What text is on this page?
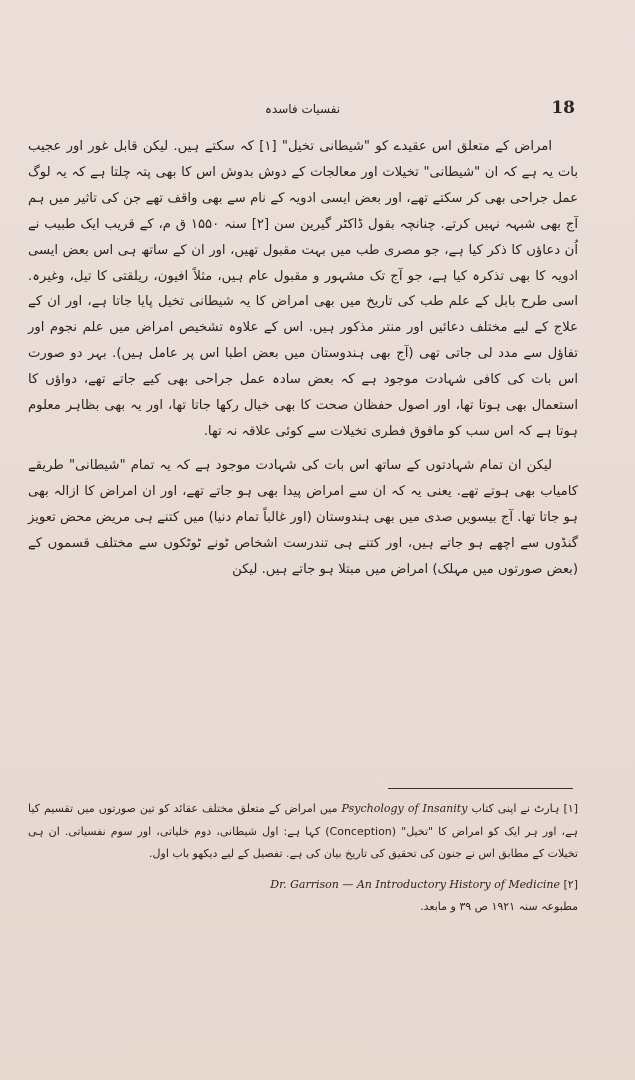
نفسیات فاسدہ	18

امراض کے متعلق اس عقیدے کو "شیطانی تخیل" [۱] کہ سکتے ہیں. لیکن قابل غور اور عجیب بات یہ ہے کہ ان "شیطانی" تخیلات اور معالجات کے دوش بدوش اس کا بھی پتہ چلتا ہے کہ یہ لوگ عمل جراحی بھی کر سکتے تھے، اور بعض ایسی ادویہ کے نام سے بھی واقف تھے جن کی تاثیر میں ہم آج بھی شبہہ نہیں کرتے. چنانچہ بقول ڈاکٹر گیرین سن [۲] سنہ ۱۵۵۰ ق م، کے قریب ایک طبیب نے اُن دعاؤں کا ذکر کیا ہے، جو مصری طب میں بہت مقبول تھیں، اور ان کے ساتھ ہی اس بعض ایسی ادویہ کا بھی تذکرہ کیا ہے، جو آج تک مشہور و مقبول عام ہیں، مثلاً افیون، ریلقتی کا تیل، وغیرہ. اسی طرح بابل کے علم طب کی تاریخ میں بھی امراض کا یہ شیطانی تخیل پایا جاتا ہے، اور ان کے علاج کے لیے مختلف دعائیں اور منتر مذکور ہیں. اس کے علاوہ تشخیص امراض میں علم نجوم اور تفاؤل سے مدد لی جاتی تھی (آج بھی ہندوستان میں بعض اطبا اس پر عامل ہیں). بہر دو صورت اس بات کی کافی شہادت موجود ہے کہ بعض سادہ عمل جراحی بھی کیے جاتے تھے، دواؤں کا استعمال بھی ہوتا تھا، اور اصول حفظان صحت کا بھی خیال رکھا جاتا تھا، اور یہ بھی بظاہر معلوم ہوتا ہے کہ اس سب کو مافوق فطری تخیلات سے کوئی علاقہ نہ تھا.

لیکن ان تمام شہادتوں کے ساتھ اس بات کی شہادت موجود ہے کہ یہ تمام "شیطانی" طریقے کامیاب بھی ہوتے تھے. یعنی یہ کہ ان سے امراض پیدا بھی ہو جاتے تھے، اور ان امراض کا ازالہ بھی ہو جاتا تھا. آج بیسویں صدی میں بھی ہندوستان (اور غالباً تمام دنیا) میں کتنے ہی مریض محض تعویز گنڈوں سے اچھے ہو جاتے ہیں، اور کتنے ہی تندرست اشخاص ٹونے ٹوٹکوں سے مختلف قسموں کے (بعض صورتوں میں مہلک) امراض میں مبتلا ہو جاتے ہیں. لیکن

[۱] ہارٹ نے اپنی کتاب Psychology of Insanity میں امراض کے متعلق مختلف عقائد کو تین صورتوں میں تقسیم کیا ہے، اور ہر ایک کو امراض کا "تخیل" (Conception) کہا ہے: اول شیطانی، دوم خلیاتی، اور سوم نفسیاتی. ان ہی تخیلات کے مطابق اس نے جنون کی تحقیق کی تاریخ بیان کی ہے. تفصیل کے لیے دیکھو باب اول.

[۲] Dr. Garrison — An Introductory History of Medicine

مطبوعہ سنہ ۱۹۲۱ ص ۳۹ و مابعد.
